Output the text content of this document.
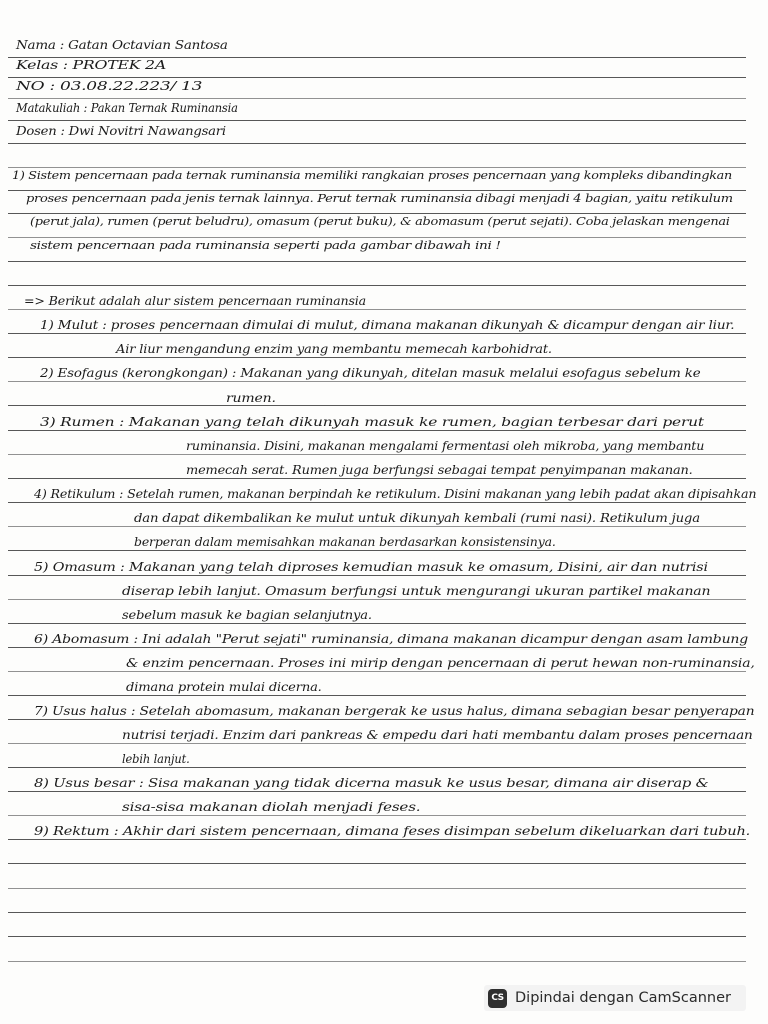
Nama : Gatan Octavian Santosa
Kelas : PROTEK 2A
NO : 03.08.22.223/ 13
Matakuliah : Pakan Ternak Ruminansia
Dosen : Dwi Novitri Nawangsari
1) Sistem pencernaan pada ternak ruminansia memiliki rangkaian proses pencernaan yang kompleks dibandingkan
proses pencernaan pada jenis ternak lainnya. Perut ternak ruminansia dibagi menjadi 4 bagian, yaitu retikulum
(perut jala), rumen (perut beludru), omasum (perut buku), & abomasum (perut sejati). Coba jelaskan mengenai
sistem pencernaan pada ruminansia seperti pada gambar dibawah ini !
=> Berikut adalah alur sistem pencernaan ruminansia
1) Mulut : proses pencernaan dimulai di mulut, dimana makanan dikunyah & dicampur dengan air liur.
Air liur mengandung enzim yang membantu memecah karbohidrat.
2) Esofagus (kerongkongan) : Makanan yang dikunyah, ditelan masuk melalui esofagus sebelum ke
rumen.
3) Rumen : Makanan yang telah dikunyah masuk ke rumen, bagian terbesar dari perut
ruminansia. Disini, makanan mengalami fermentasi oleh mikroba, yang membantu
memecah serat. Rumen juga berfungsi sebagai tempat penyimpanan makanan.
4) Retikulum : Setelah rumen, makanan berpindah ke retikulum. Disini makanan yang lebih padat akan dipisahkan
dan dapat dikembalikan ke mulut untuk dikunyah kembali (rumi nasi). Retikulum juga
berperan dalam memisahkan makanan berdasarkan konsistensinya.
5) Omasum : Makanan yang telah diproses kemudian masuk ke omasum, Disini, air dan nutrisi
diserap lebih lanjut. Omasum berfungsi untuk mengurangi ukuran partikel makanan
sebelum masuk ke bagian selanjutnya.
6) Abomasum : Ini adalah "Perut sejati" ruminansia, dimana makanan dicampur dengan asam lambung
& enzim pencernaan. Proses ini mirip dengan pencernaan di perut hewan non-ruminansia,
dimana protein mulai dicerna.
7) Usus halus : Setelah abomasum, makanan bergerak ke usus halus, dimana sebagian besar penyerapan
nutrisi terjadi. Enzim dari pankreas & empedu dari hati membantu dalam proses pencernaan
lebih lanjut.
8) Usus besar : Sisa makanan yang tidak dicerna masuk ke usus besar, dimana air diserap &
sisa-sisa makanan diolah menjadi feses.
9) Rektum : Akhir dari sistem pencernaan, dimana feses disimpan sebelum dikeluarkan dari tubuh.
CS Dipindai dengan CamScanner
